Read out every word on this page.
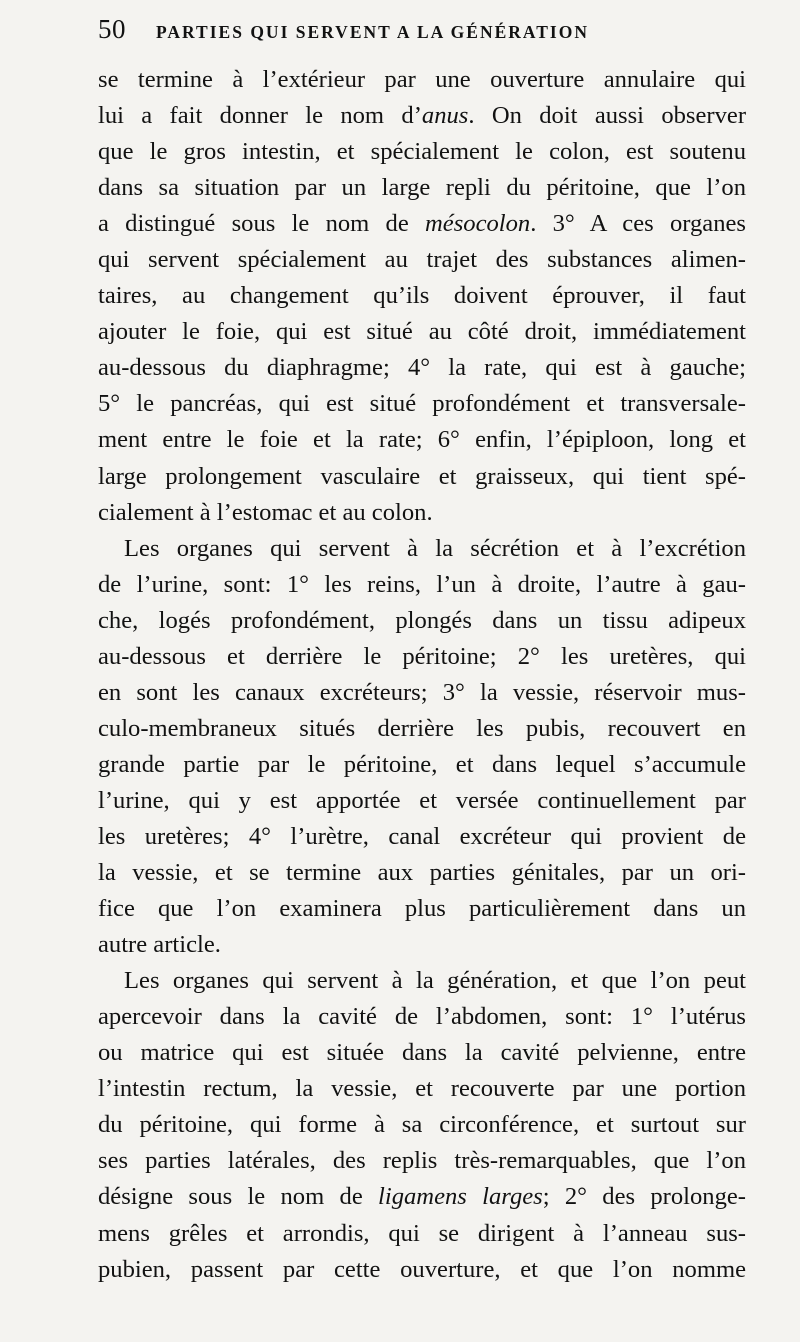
50 PARTIES QUI SERVENT A LA GÉNÉRATION
se termine à l’extérieur par une ouverture annulaire qui
lui a fait donner le nom d’anus. On doit aussi observer
que le gros intestin, et spécialement le colon, est soutenu
dans sa situation par un large repli du péritoine, que l’on
a distingué sous le nom de mésocolon. 3° A ces organes
qui servent spécialement au trajet des substances alimen-
taires, au changement qu’ils doivent éprouver, il faut
ajouter le foie, qui est situé au côté droit, immédiatement
au-dessous du diaphragme; 4° la rate, qui est à gauche;
5° le pancréas, qui est situé profondément et transversale-
ment entre le foie et la rate; 6° enfin, l’épiploon, long et
large prolongement vasculaire et graisseux, qui tient spé-
cialement à l’estomac et au colon.
Les organes qui servent à la sécrétion et à l’excrétion
de l’urine, sont: 1° les reins, l’un à droite, l’autre à gau-
che, logés profondément, plongés dans un tissu adipeux
au-dessous et derrière le péritoine; 2° les uretères, qui
en sont les canaux excréteurs; 3° la vessie, réservoir mus-
culo-membraneux situés derrière les pubis, recouvert en
grande partie par le péritoine, et dans lequel s’accumule
l’urine, qui y est apportée et versée continuellement par
les uretères; 4° l’urètre, canal excréteur qui provient de
la vessie, et se termine aux parties génitales, par un ori-
fice que l’on examinera plus particulièrement dans un
autre article.
Les organes qui servent à la génération, et que l’on peut
apercevoir dans la cavité de l’abdomen, sont: 1° l’utérus
ou matrice qui est située dans la cavité pelvienne, entre
l’intestin rectum, la vessie, et recouverte par une portion
du péritoine, qui forme à sa circonférence, et surtout sur
ses parties latérales, des replis très-remarquables, que l’on
désigne sous le nom de ligamens larges; 2° des prolonge-
mens grêles et arrondis, qui se dirigent à l’anneau sus-
pubien, passent par cette ouverture, et que l’on nomme
